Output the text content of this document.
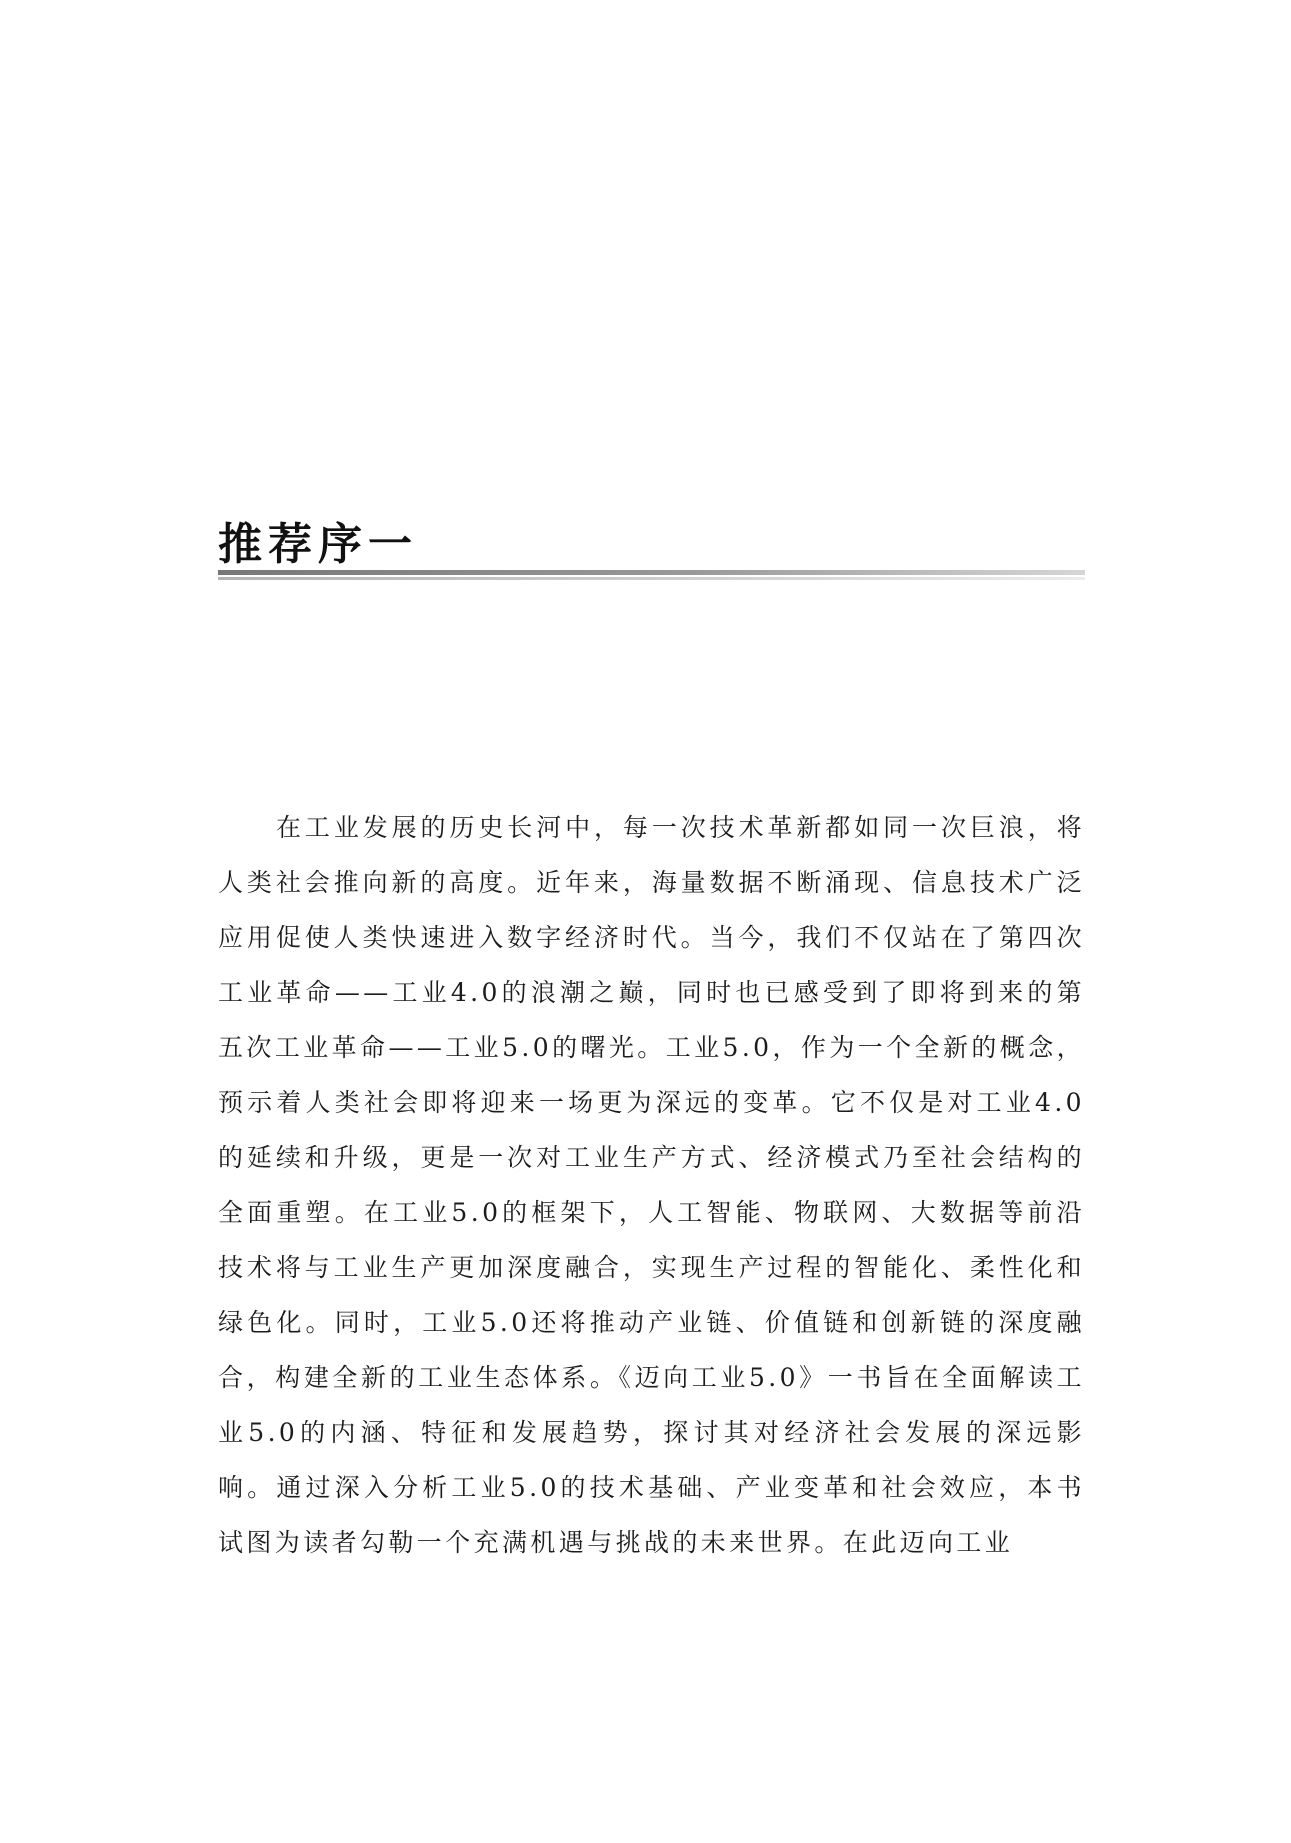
推荐序一

在工业发展的历史长河中，每一次技术革新都如同一次巨浪，将人类社会推向新的高度。近年来，海量数据不断涌现、信息技术广泛应用促使人类快速进入数字经济时代。当今，我们不仅站在了第四次工业革命——工业4.0的浪潮之巅，同时也已感受到了即将到来的第五次工业革命——工业5.0的曙光。工业5.0，作为一个全新的概念，预示着人类社会即将迎来一场更为深远的变革。它不仅是对工业4.0的延续和升级，更是一次对工业生产方式、经济模式乃至社会结构的全面重塑。在工业5.0的框架下，人工智能、物联网、大数据等前沿技术将与工业生产更加深度融合，实现生产过程的智能化、柔性化和绿色化。同时，工业5.0还将推动产业链、价值链和创新链的深度融合，构建全新的工业生态体系。《迈向工业5.0》一书旨在全面解读工业5.0的内涵、特征和发展趋势，探讨其对经济社会发展的深远影响。通过深入分析工业5.0的技术基础、产业变革和社会效应，本书试图为读者勾勒一个充满机遇与挑战的未来世界。在此迈向工业
